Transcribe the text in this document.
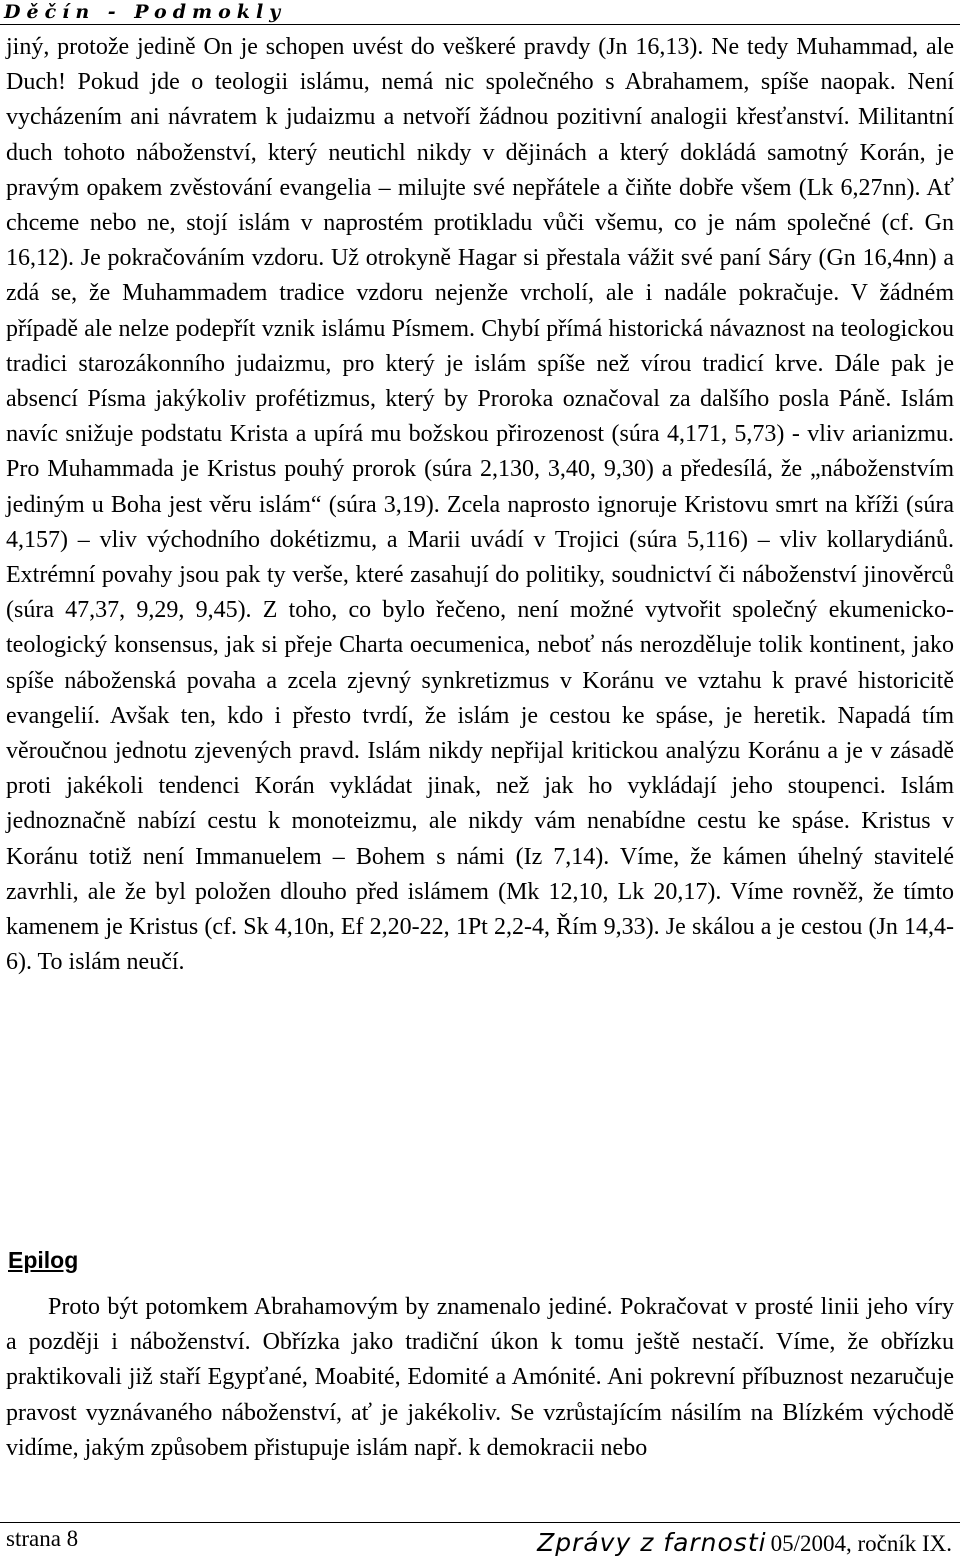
Děčín - Podmokly

jiný, protože jedině On je schopen uvést do veškeré pravdy (Jn 16,13). Ne tedy Muhammad, ale Duch! Pokud jde o teologii islámu, nemá nic společného s Abrahamem, spíše naopak. Není vycházením ani návratem k judaizmu a netvoří žádnou pozitivní analogii křesťanství. Militantní duch tohoto náboženství, který neutichl nikdy v dějinách a který dokládá samotný Korán, je pravým opakem zvěstování evangelia – milujte své nepřátele a čiňte dobře všem (Lk 6,27nn). Ať chceme nebo ne, stojí islám v naprostém protikladu vůči všemu, co je nám společné (cf. Gn 16,12). Je pokračováním vzdoru. Už otrokyně Hagar si přestala vážit své paní Sáry (Gn 16,4nn) a zdá se, že Muhammadem tradice vzdoru nejenže vrcholí, ale i nadále pokračuje. V žádném případě ale nelze podepřít vznik islámu Písmem. Chybí přímá historická návaznost na teologickou tradici starozákonního judaizmu, pro který je islám spíše než vírou tradicí krve. Dále pak je absencí Písma jakýkoliv profétizmus, který by Proroka označoval za dalšího posla Páně. Islám navíc snižuje podstatu Krista a upírá mu božskou přirozenost (súra 4,171, 5,73) - vliv arianizmu. Pro Muhammada je Kristus pouhý prorok (súra 2,130, 3,40, 9,30) a předesílá, že „náboženstvím jediným u Boha jest věru islám“ (súra 3,19). Zcela naprosto ignoruje Kristovu smrt na kříži (súra 4,157) – vliv východního dokétizmu, a Marii uvádí v Trojici (súra 5,116) – vliv kollarydiánů. Extrémní povahy jsou pak ty verše, které zasahují do politiky, soudnictví či náboženství jinověrců (súra 47,37, 9,29, 9,45). Z toho, co bylo řečeno, není možné vytvořit společný ekumenicko-teologický konsensus, jak si přeje Charta oecumenica, neboť nás nerozděluje tolik kontinent, jako spíše náboženská povaha a zcela zjevný synkretizmus v Koránu ve vztahu k pravé historicitě evangelií. Avšak ten, kdo i přesto tvrdí, že islám je cestou ke spáse, je heretik. Napadá tím věroučnou jednotu zjevených pravd. Islám nikdy nepřijal kritickou analýzu Koránu a je v zásadě proti jakékoli tendenci Korán vykládat jinak, než jak ho vykládají jeho stoupenci. Islám jednoznačně nabízí cestu k monoteizmu, ale nikdy vám nenabídne cestu ke spáse. Kristus v Koránu totiž není Immanuelem – Bohem s námi (Iz 7,14). Víme, že kámen úhelný stavitelé zavrhli, ale že byl položen dlouho před islámem (Mk 12,10, Lk 20,17). Víme rovněž, že tímto kamenem je Kristus (cf. Sk 4,10n, Ef 2,20-22, 1Pt 2,2-4, Řím 9,33). Je skálou a je cestou (Jn 14,4-6). To islám neučí.

Epilog

Proto být potomkem Abrahamovým by znamenalo jediné. Pokračovat v prosté linii jeho víry a později i náboženství. Obřízka jako tradiční úkon k tomu ještě nestačí. Víme, že obřízku praktikovali již staří Egypťané, Moabité, Edomité a Amónité. Ani pokrevní příbuznost nezaručuje pravost vyznávaného náboženství, ať je jakékoliv. Se vzrůstajícím násilím na Blízkém východě vidíme, jakým způsobem přistupuje islám např. k demokracii nebo

strana 8	Zprávy z farnosti 05/2004, ročník IX.
